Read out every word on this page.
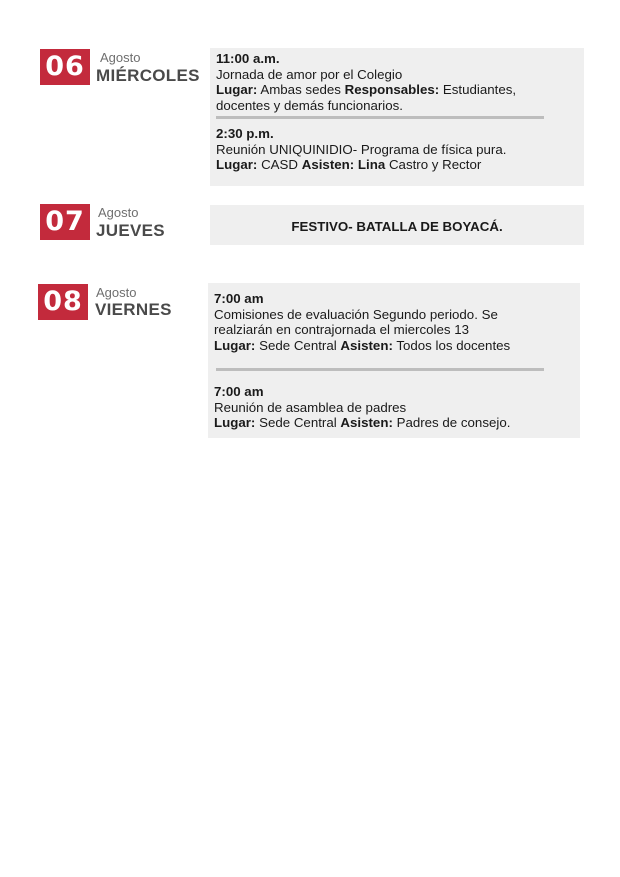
06	Agosto
MIÉRCOLES
11:00 a.m.
Jornada de amor por el Colegio
Lugar: Ambas sedes Responsables: Estudiantes,
docentes y demás funcionarios.
2:30 p.m.
Reunión UNIQUINIDIO- Programa de física pura.
Lugar: CASD Asisten: Lina Castro y Rector
07	Agosto
JUEVES	FESTIVO- BATALLA DE BOYACÁ.
08	Agosto
VIERNES
7:00 am
Comisiones de evaluación Segundo periodo. Se
realziarán en contrajornada el miercoles 13
Lugar: Sede Central Asisten: Todos los docentes
7:00 am
Reunión de asamblea de padres
Lugar: Sede Central Asisten: Padres de consejo.
